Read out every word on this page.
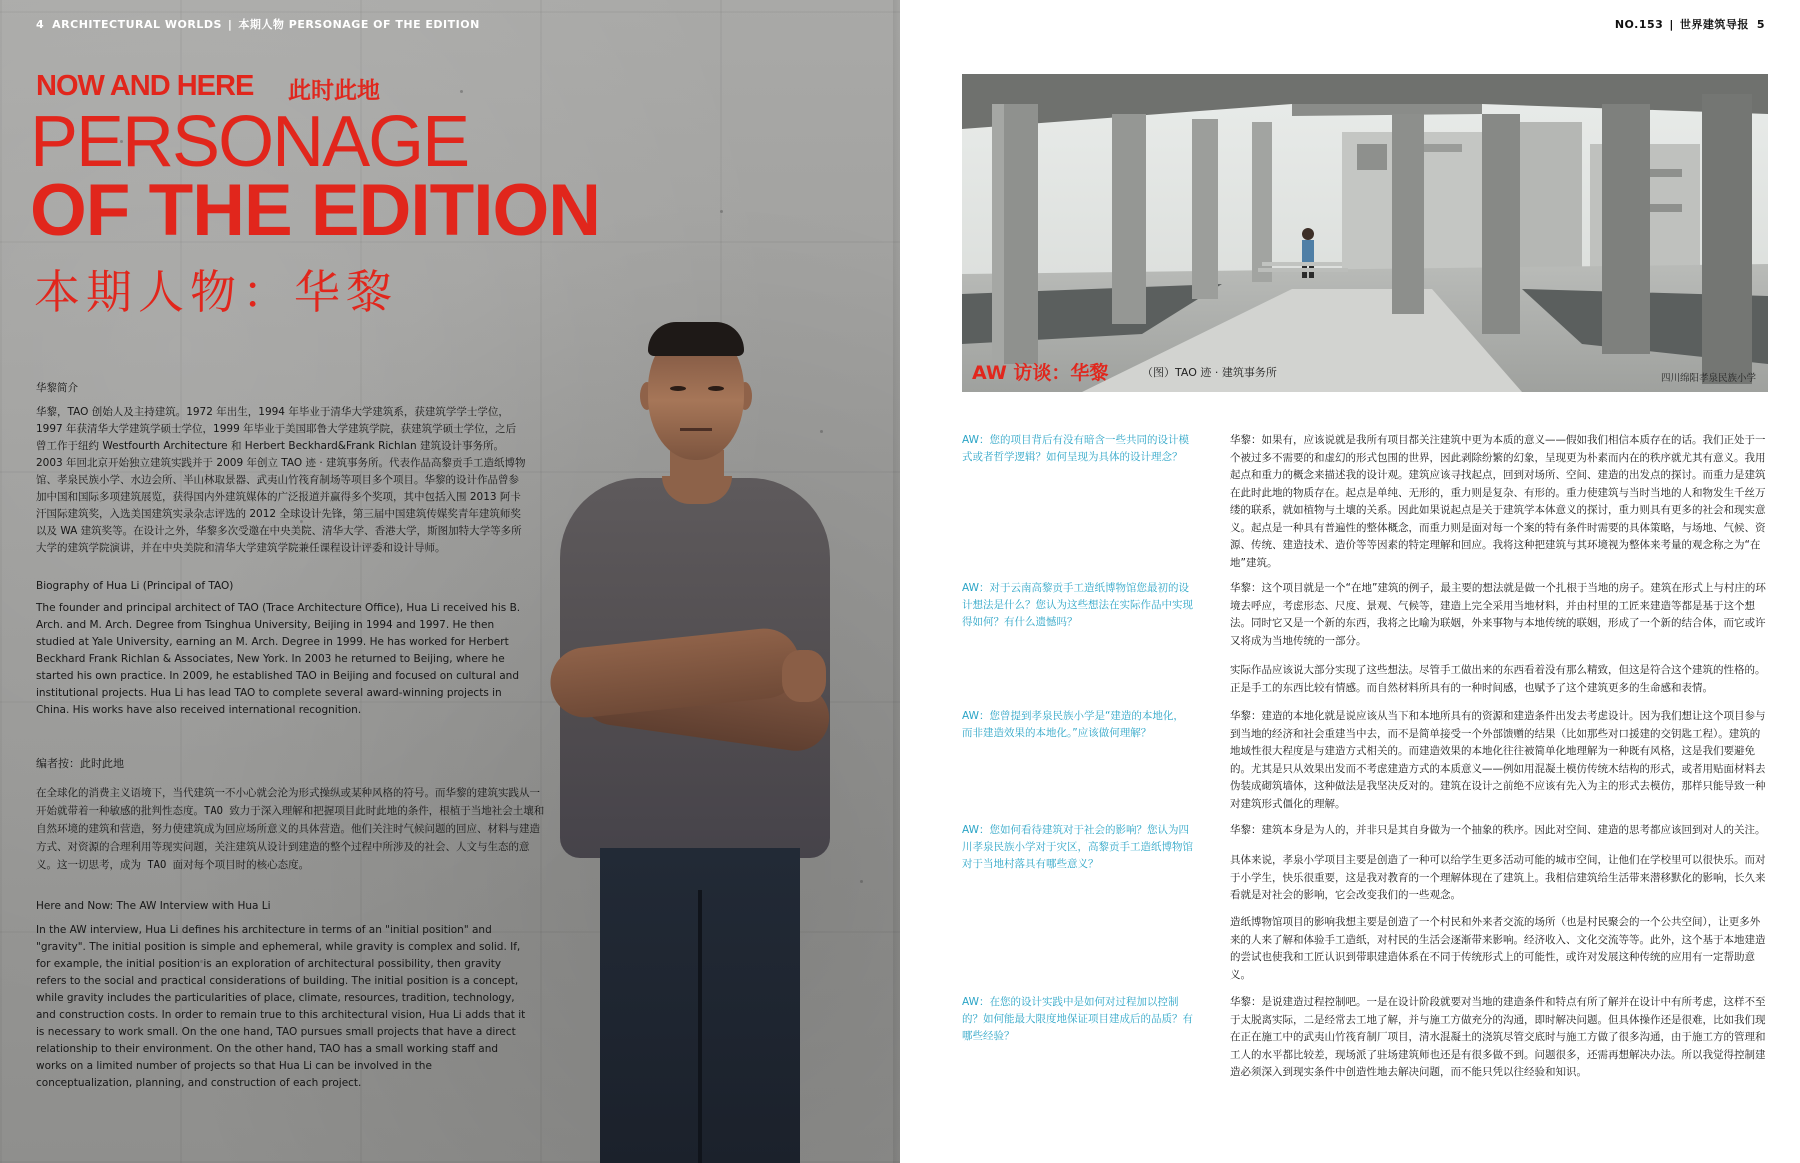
4 ARCHITECTURAL WORLDS | 本期人物 PERSONAGE OF THE EDITION
NOW AND HERE 此时此地
PERSONAGE
OF THE EDITION
本期人物：华黎
华黎简介
华黎，TAO 创始人及主持建筑。1972 年出生，1994 年毕业于清华大学建筑系，获建筑学学士学位，1997 年获清华大学建筑学硕士学位，1999 年毕业于美国耶鲁大学建筑学院，获建筑学硕士学位，之后曾工作于纽约 Westfourth Architecture 和 Herbert Beckhard&Frank Richlan 建筑设计事务所。2003 年回北京开始独立建筑实践并于 2009 年创立 TAO 迹 · 建筑事务所。代表作品高黎贡手工造纸博物馆、孝泉民族小学、水边会所、半山林取景器、武夷山竹筏育制场等项目多个项目。华黎的设计作品曾参加中国和国际多项建筑展览，获得国内外建筑媒体的广泛报道并赢得多个奖项，其中包括入围 2013 阿卡汗国际建筑奖，入选美国建筑实录杂志评选的 2012 全球设计先锋，第三届中国建筑传媒奖青年建筑师奖以及 WA 建筑奖等。在设计之外，华黎多次受邀在中央美院、清华大学、香港大学，斯图加特大学等多所大学的建筑学院演讲，并在中央美院和清华大学建筑学院兼任课程设计评委和设计导师。
Biography of Hua Li (Principal of TAO)
The founder and principal architect of TAO (Trace Architecture Office), Hua Li received his B. Arch. and M. Arch. Degree from Tsinghua University, Beijing in 1994 and 1997. He then studied at Yale University, earning an M. Arch. Degree in 1999. He has worked for Herbert Beckhard Frank Richlan & Associates, New York. In 2003 he returned to Beijing, where he started his own practice. In 2009, he established TAO in Beijing and focused on cultural and institutional projects. Hua Li has lead TAO to complete several award-winning projects in China. His works have also received international recognition.
编者按：此时此地
在全球化的消费主义语境下，当代建筑一不小心就会沦为形式操纵或某种风格的符号。而华黎的建筑实践从一开始就带着一种敏感的批判性态度。TAO 致力于深入理解和把握项目此时此地的条件，根植于当地社会土壤和自然环境的建筑和营造，努力使建筑成为回应场所意义的具体营造。他们关注时气候问题的回应、材料与建造方式、对资源的合理利用等现实问题，关注建筑从设计到建造的整个过程中所涉及的社会、人文与生态的意义。这一切思考，成为 TAO 面对每个项目时的核心态度。
Here and Now: The AW Interview with Hua Li
In the AW interview, Hua Li defines his architecture in terms of an "initial position" and "gravity". The initial position is simple and ephemeral, while gravity is complex and solid. If, for example, the initial position is an exploration of architectural possibility, then gravity refers to the social and practical considerations of building. The initial position is a concept, while gravity includes the particularities of place, climate, resources, tradition, technology, and construction costs. In order to remain true to this architectural vision, Hua Li adds that it is necessary to work small. On the one hand, TAO pursues small projects that have a direct relationship to their environment. On the other hand, TAO has a small working staff and works on a limited number of projects so that Hua Li can be involved in the conceptualization, planning, and construction of each project.
NO.153 | 世界建筑导报 5
AW 访谈：华黎	（图）TAO 迹 · 建筑事务所	四川绵阳孝泉民族小学
AW：您的项目背后有没有暗含一些共同的设计模式或者哲学逻辑？如何呈现为具体的设计理念？
华黎：如果有，应该说就是我所有项目都关注建筑中更为本质的意义——假如我们相信本质存在的话。我们正处于一个被过多不需要的和虚幻的形式包围的世界，因此剥除纷繁的幻象，呈现更为朴素而内在的秩序就尤其有意义。我用起点和重力的概念来描述我的设计观。建筑应该寻找起点，回到对场所、空间、建造的出发点的探讨。而重力是建筑在此时此地的物质存在。起点是单纯、无形的，重力则是复杂、有形的。重力使建筑与当时当地的人和物发生千丝万缕的联系，就如植物与土壤的关系。因此如果说起点是关于建筑学本体意义的探讨，重力则具有更多的社会和现实意义。起点是一种具有普遍性的整体概念，而重力则是面对每一个案的特有条件时需要的具体策略，与场地、气候、资源、传统、建造技术、造价等等因素的特定理解和回应。我将这种把建筑与其环境视为整体来考量的观念称之为“在地”建筑。
AW：对于云南高黎贡手工造纸博物馆您最初的设计想法是什么？您认为这些想法在实际作品中实现得如何？有什么遗憾吗？
华黎：这个项目就是一个“在地”建筑的例子，最主要的想法就是做一个扎根于当地的房子。建筑在形式上与村庄的环境去呼应，考虑形态、尺度、景观、气候等，建造上完全采用当地材料，并由村里的工匠来建造等都是基于这个想法。同时它又是一个新的东西，我将之比喻为联姻，外来事物与本地传统的联姻，形成了一个新的结合体，而它或许又将成为当地传统的一部分。
实际作品应该说大部分实现了这些想法。尽管手工做出来的东西看着没有那么精致，但这是符合这个建筑的性格的。正是手工的东西比较有情感。而自然材料所具有的一种时间感，也赋予了这个建筑更多的生命感和表情。
AW：您曾提到孝泉民族小学是“建造的本地化，而非建造效果的本地化。”应该做何理解？
华黎：建造的本地化就是说应该从当下和本地所具有的资源和建造条件出发去考虑设计。因为我们想让这个项目参与到当地的经济和社会重建当中去，而不是简单接受一个外部馈赠的结果（比如那些对口援建的交钥匙工程）。建筑的地域性很大程度是与建造方式相关的。而建造效果的本地化往往被简单化地理解为一种既有风格，这是我们要避免的。尤其是只从效果出发而不考虑建造方式的本质意义——例如用混凝土模仿传统木结构的形式，或者用贴面材料去伪装成砌筑墙体，这种做法是我坚决反对的。建筑在设计之前绝不应该有先入为主的形式去模仿，那样只能导致一种对建筑形式僵化的理解。
AW：您如何看待建筑对于社会的影响？您认为四川孝泉民族小学对于灾区，高黎贡手工造纸博物馆对于当地村落具有哪些意义？
华黎：建筑本身是为人的，并非只是其自身做为一个抽象的秩序。因此对空间、建造的思考都应该回到对人的关注。
具体来说，孝泉小学项目主要是创造了一种可以给学生更多活动可能的城市空间，让他们在学校里可以很快乐。而对于小学生，快乐很重要，这是我对教育的一个理解体现在了建筑上。我相信建筑给生活带来潜移默化的影响，长久来看就是对社会的影响，它会改变我们的一些观念。
造纸博物馆项目的影响我想主要是创造了一个村民和外来者交流的场所（也是村民聚会的一个公共空间），让更多外来的人来了解和体验手工造纸，对村民的生活会逐渐带来影响。经济收入、文化交流等等。此外，这个基于本地建造的尝试也使我和工匠认识到带职建造体系在不同于传统形式上的可能性，或许对发展这种传统的应用有一定帮助意义。
AW：在您的设计实践中是如何对过程加以控制的？如何能最大限度地保证项目建成后的品质？有哪些经验？
华黎：是说建造过程控制吧。一是在设计阶段就要对当地的建造条件和特点有所了解并在设计中有所考虑，这样不至于太脱离实际，二是经常去工地了解，并与施工方做充分的沟通，即时解决问题。但具体操作还是很难，比如我们现在正在施工中的武夷山竹筏育制厂项目，清水混凝土的浇筑尽管交底时与施工方做了很多沟通，由于施工方的管理和工人的水平都比较差，现场派了驻场建筑师也还是有很多做不到。问题很多，还需再想解决办法。所以我觉得控制建造必须深入到现实条件中创造性地去解决问题，而不能只凭以往经验和知识。
